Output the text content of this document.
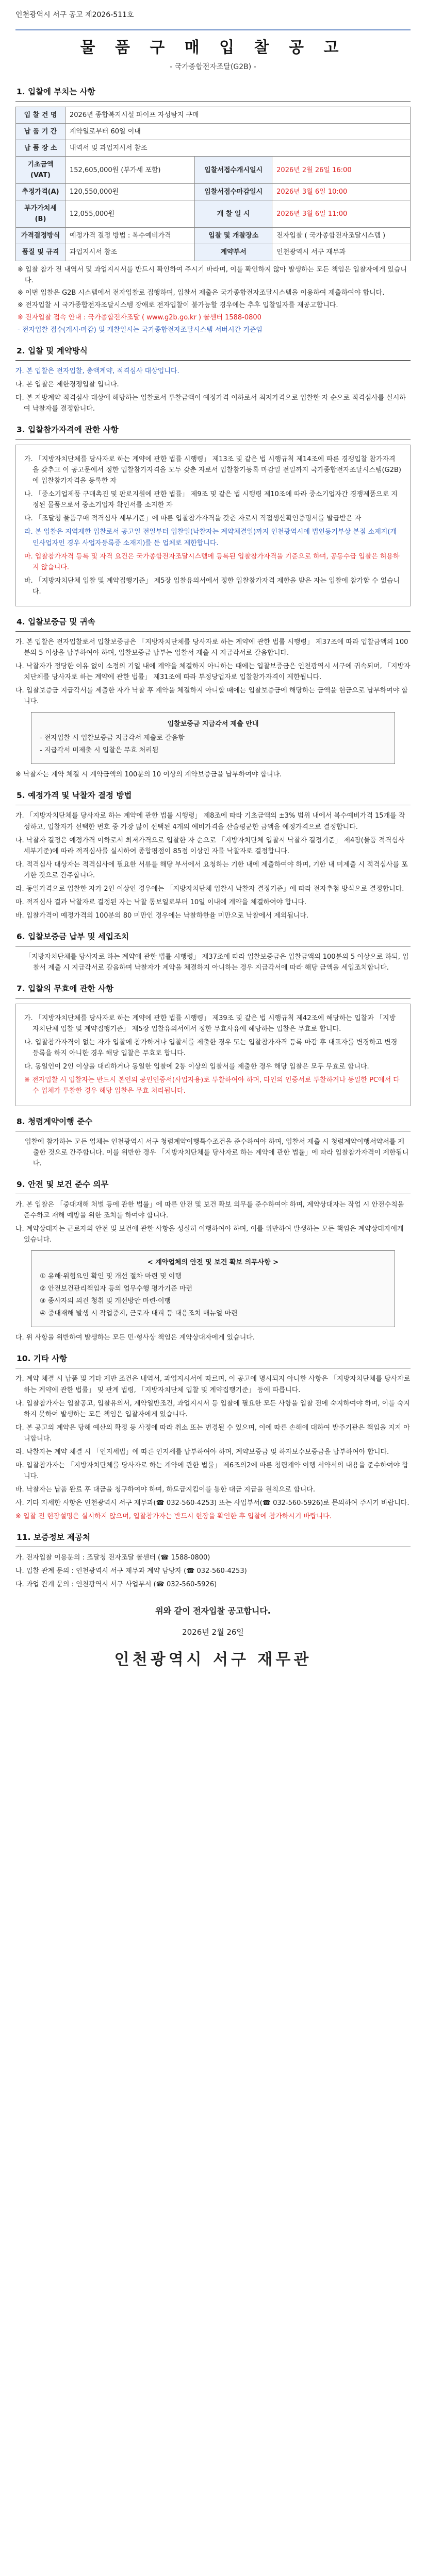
인천광역시 서구 공고 제2026-511호
물 품 구 매 입 찰 공 고
- 국가종합전자조달(G2B) -
1. 입찰에 부치는 사항
입 찰 건 명	2026년 종합복지시설 파이프 자성탐지 구매		
납 품 기 간	계약일로부터 60일 이내		
납 품 장 소	내역서 및 과업지시서 참조		
기초금액(VAT)	152,605,000원 (부가세 포함)	입찰서접수개시일시	2026년 2월 26일 16:00
추정가격(A)	120,550,000원	입찰서접수마감일시	2026년 3월 6일 10:00
부가가치세(B)	12,055,000원	개 찰 일 시	2026년 3월 6일 11:00
가격결정방식	예정가격 결정 방법 : 복수예비가격	입찰 및 개찰장소	전자입찰 ( 국가종합전자조달시스템 )
품질 및 규격	과업지시서 참조	계약부서	인천광역시 서구 재무과
※ 입찰 참가 전 내역서 및 과업지시서를 반드시 확인하여 주시기 바라며, 이를 확인하지 않아 발생하는 모든 책임은 입찰자에게 있습니다.
※ 이번 입찰은 G2B 시스템에서 전자입찰로 집행하며, 입찰서 제출은 국가종합전자조달시스템을 이용하여 제출하여야 합니다.
※ 전자입찰 시 국가종합전자조달시스템 장애로 전자입찰이 불가능할 경우에는 추후 입찰일자를 재공고합니다.
※ 전자입찰 접속 안내 : 국가종합전자조달 ( www.g2b.go.kr ) 콜센터 1588-0800
- 전자입찰 접수(개시·마감) 및 개찰일시는 국가종합전자조달시스템 서버시간 기준임
2. 입찰 및 계약방식
가. 본 입찰은 전자입찰, 총액계약, 적격심사 대상입니다.
나. 본 입찰은 제한경쟁입찰 입니다.
다. 본 지방계약 적격심사 대상에 해당하는 입찰로서 투찰금액이 예정가격 이하로서 최저가격으로 입찰한 자 순으로 적격심사를 실시하여 낙찰자를 결정합니다.
3. 입찰참가자격에 관한 사항
가. 「지방자치단체를 당사자로 하는 계약에 관한 법률 시행령」 제13조 및 같은 법 시행규칙 제14조에 따른 경쟁입찰 참가자격을 갖추고 이 공고문에서 정한 입찰참가자격을 모두 갖춘 자로서 입찰참가등록 마감일 전일까지 국가종합전자조달시스템(G2B)에 입찰참가자격을 등록한 자
나. 「중소기업제품 구매촉진 및 판로지원에 관한 법률」 제9조 및 같은 법 시행령 제10조에 따라 중소기업자간 경쟁제품으로 지정된 물품으로서 중소기업자 확인서를 소지한 자
다. 「조달청 물품구매 적격심사 세부기준」에 따른 입찰참가자격을 갖춘 자로서 직접생산확인증명서를 발급받은 자
라. 본 입찰은 지역제한 입찰로서 공고일 전일부터 입찰일(낙찰자는 계약체결일)까지 인천광역시에 법인등기부상 본점 소재지(개인사업자인 경우 사업자등록증 소재지)를 둔 업체로 제한합니다.
마. 입찰참가자격 등록 및 자격 요건은 국가종합전자조달시스템에 등록된 입찰참가자격을 기준으로 하며, 공동수급 입찰은 허용하지 않습니다.
바. 「지방자치단체 입찰 및 계약집행기준」 제5장 입찰유의서에서 정한 입찰참가자격 제한을 받은 자는 입찰에 참가할 수 없습니다.
4. 입찰보증금 및 귀속
가. 본 입찰은 전자입찰로서 입찰보증금은 「지방자치단체를 당사자로 하는 계약에 관한 법률 시행령」 제37조에 따라 입찰금액의 100분의 5 이상을 납부하여야 하며, 입찰보증금 납부는 입찰서 제출 시 지급각서로 갈음합니다.
나. 낙찰자가 정당한 이유 없이 소정의 기일 내에 계약을 체결하지 아니하는 때에는 입찰보증금은 인천광역시 서구에 귀속되며, 「지방자치단체를 당사자로 하는 계약에 관한 법률」 제31조에 따라 부정당업자로 입찰참가자격이 제한됩니다.
다. 입찰보증금 지급각서를 제출한 자가 낙찰 후 계약을 체결하지 아니할 때에는 입찰보증금에 해당하는 금액을 현금으로 납부하여야 합니다.
입찰보증금 지급각서 제출 안내
- 전자입찰 시 입찰보증금 지급각서 제출로 갈음함
- 지급각서 미제출 시 입찰은 무효 처리됨
※ 낙찰자는 계약 체결 시 계약금액의 100분의 10 이상의 계약보증금을 납부하여야 합니다.
5. 예정가격 및 낙찰자 결정 방법
가. 「지방자치단체를 당사자로 하는 계약에 관한 법률 시행령」 제8조에 따라 기초금액의 ±3% 범위 내에서 복수예비가격 15개를 작성하고, 입찰자가 선택한 번호 중 가장 많이 선택된 4개의 예비가격을 산술평균한 금액을 예정가격으로 결정합니다.
나. 낙찰자 결정은 예정가격 이하로서 최저가격으로 입찰한 자 순으로 「지방자치단체 입찰시 낙찰자 결정기준」 제4장(물품 적격심사 세부기준)에 따라 적격심사를 실시하여 종합평점이 85점 이상인 자를 낙찰자로 결정합니다.
다. 적격심사 대상자는 적격심사에 필요한 서류를 해당 부서에서 요청하는 기한 내에 제출하여야 하며, 기한 내 미제출 시 적격심사를 포기한 것으로 간주합니다.
라. 동일가격으로 입찰한 자가 2인 이상인 경우에는 「지방자치단체 입찰시 낙찰자 결정기준」에 따라 전자추첨 방식으로 결정합니다.
마. 적격심사 결과 낙찰자로 결정된 자는 낙찰 통보일로부터 10일 이내에 계약을 체결하여야 합니다.
바. 입찰가격이 예정가격의 100분의 80 미만인 경우에는 낙찰하한율 미만으로 낙찰에서 제외됩니다.
6. 입찰보증금 납부 및 세입조치
「지방자치단체를 당사자로 하는 계약에 관한 법률 시행령」 제37조에 따라 입찰보증금은 입찰금액의 100분의 5 이상으로 하되, 입찰서 제출 시 지급각서로 갈음하며 낙찰자가 계약을 체결하지 아니하는 경우 지급각서에 따라 해당 금액을 세입조치합니다.
7. 입찰의 무효에 관한 사항
가. 「지방자치단체를 당사자로 하는 계약에 관한 법률 시행령」 제39조 및 같은 법 시행규칙 제42조에 해당하는 입찰과 「지방자치단체 입찰 및 계약집행기준」 제5장 입찰유의서에서 정한 무효사유에 해당하는 입찰은 무효로 합니다.
나. 입찰참가자격이 없는 자가 입찰에 참가하거나 입찰서를 제출한 경우 또는 입찰참가자격 등록 마감 후 대표자를 변경하고 변경등록을 하지 아니한 경우 해당 입찰은 무효로 합니다.
다. 동일인이 2인 이상을 대리하거나 동일한 입찰에 2통 이상의 입찰서를 제출한 경우 해당 입찰은 모두 무효로 합니다.
※ 전자입찰 시 입찰자는 반드시 본인의 공인인증서(사업자용)로 투찰하여야 하며, 타인의 인증서로 투찰하거나 동일한 PC에서 다수 업체가 투찰한 경우 해당 입찰은 무효 처리됩니다.
8. 청렴계약이행 준수
입찰에 참가하는 모든 업체는 인천광역시 서구 청렴계약이행특수조건을 준수하여야 하며, 입찰서 제출 시 청렴계약이행서약서를 제출한 것으로 간주합니다. 이를 위반한 경우 「지방자치단체를 당사자로 하는 계약에 관한 법률」에 따라 입찰참가자격이 제한됩니다.
9. 안전 및 보건 준수 의무
가. 본 입찰은 「중대재해 처벌 등에 관한 법률」에 따른 안전 및 보건 확보 의무를 준수하여야 하며, 계약상대자는 작업 시 안전수칙을 준수하고 재해 예방을 위한 조치를 하여야 합니다.
나. 계약상대자는 근로자의 안전 및 보건에 관한 사항을 성실히 이행하여야 하며, 이를 위반하여 발생하는 모든 책임은 계약상대자에게 있습니다.
< 계약업체의 안전 및 보건 확보 의무사항 >
① 유해·위험요인 확인 및 개선 절차 마련 및 이행
② 안전보건관리책임자 등의 업무수행 평가기준 마련
③ 종사자의 의견 청취 및 개선방안 마련·이행
④ 중대재해 발생 시 작업중지, 근로자 대피 등 대응조치 매뉴얼 마련
다. 위 사항을 위반하여 발생하는 모든 민·형사상 책임은 계약상대자에게 있습니다.
10. 기타 사항
가. 계약 체결 시 납품 및 기타 제반 조건은 내역서, 과업지시서에 따르며, 이 공고에 명시되지 아니한 사항은 「지방자치단체를 당사자로 하는 계약에 관한 법률」 및 관계 법령, 「지방자치단체 입찰 및 계약집행기준」 등에 따릅니다.
나. 입찰참가자는 입찰공고, 입찰유의서, 계약일반조건, 과업지시서 등 입찰에 필요한 모든 사항을 입찰 전에 숙지하여야 하며, 이를 숙지하지 못하여 발생하는 모든 책임은 입찰자에게 있습니다.
다. 본 공고의 계약은 당해 예산의 확정 등 사정에 따라 취소 또는 변경될 수 있으며, 이에 따른 손해에 대하여 발주기관은 책임을 지지 아니합니다.
라. 낙찰자는 계약 체결 시 「인지세법」에 따른 인지세를 납부하여야 하며, 계약보증금 및 하자보수보증금을 납부하여야 합니다.
마. 입찰참가자는 「지방자치단체를 당사자로 하는 계약에 관한 법률」 제6조의2에 따른 청렴계약 이행 서약서의 내용을 준수하여야 합니다.
바. 낙찰자는 납품 완료 후 대금을 청구하여야 하며, 하도급지킴이를 통한 대금 지급을 원칙으로 합니다.
사. 기타 자세한 사항은 인천광역시 서구 재무과(☎ 032-560-4253) 또는 사업부서(☎ 032-560-5926)로 문의하여 주시기 바랍니다.
※ 입찰 전 현장설명은 실시하지 않으며, 입찰참가자는 반드시 현장을 확인한 후 입찰에 참가하시기 바랍니다.
11. 보증정보 제공처
가. 전자입찰 이용문의 : 조달청 전자조달 콜센터 (☎ 1588-0800)
나. 입찰 관계 문의 : 인천광역시 서구 재무과 계약 담당자 (☎ 032-560-4253)
다. 과업 관계 문의 : 인천광역시 서구 사업부서 (☎ 032-560-5926)
위와 같이 전자입찰 공고합니다.
2026년 2월 26일
인천광역시 서구 재무관
